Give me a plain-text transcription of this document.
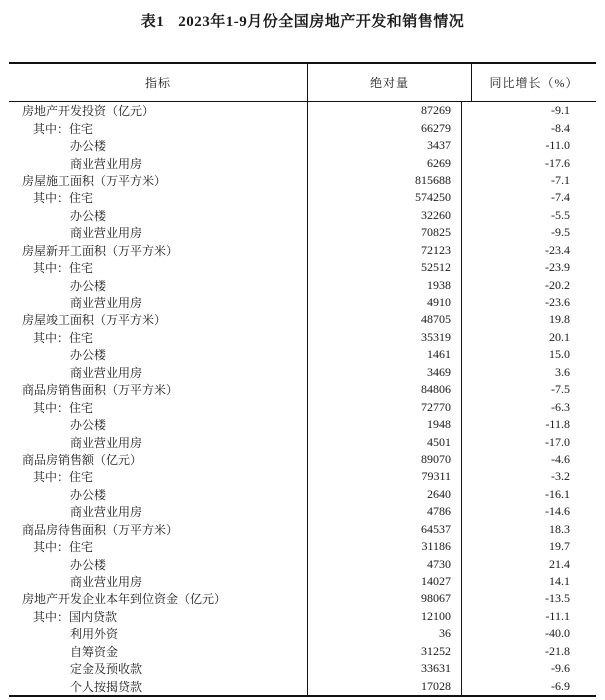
表1 2023年1-9月份全国房地产开发和销售情况
指标	绝对量	同比增长（%）
房地产开发投资（亿元）	87269	-9.1
其中：住宅	66279	-8.4
办公楼	3437	-11.0
商业营业用房	6269	-17.6
房屋施工面积（万平方米）	815688	-7.1
其中：住宅	574250	-7.4
办公楼	32260	-5.5
商业营业用房	70825	-9.5
房屋新开工面积（万平方米）	72123	-23.4
其中：住宅	52512	-23.9
办公楼	1938	-20.2
商业营业用房	4910	-23.6
房屋竣工面积（万平方米）	48705	19.8
其中：住宅	35319	20.1
办公楼	1461	15.0
商业营业用房	3469	3.6
商品房销售面积（万平方米）	84806	-7.5
其中：住宅	72770	-6.3
办公楼	1948	-11.8
商业营业用房	4501	-17.0
商品房销售额（亿元）	89070	-4.6
其中：住宅	79311	-3.2
办公楼	2640	-16.1
商业营业用房	4786	-14.6
商品房待售面积（万平方米）	64537	18.3
其中：住宅	31186	19.7
办公楼	4730	21.4
商业营业用房	14027	14.1
房地产开发企业本年到位资金（亿元）	98067	-13.5
其中：国内贷款	12100	-11.1
利用外资	36	-40.0
自筹资金	31252	-21.8
定金及预收款	33631	-9.6
个人按揭贷款	17028	-6.9
